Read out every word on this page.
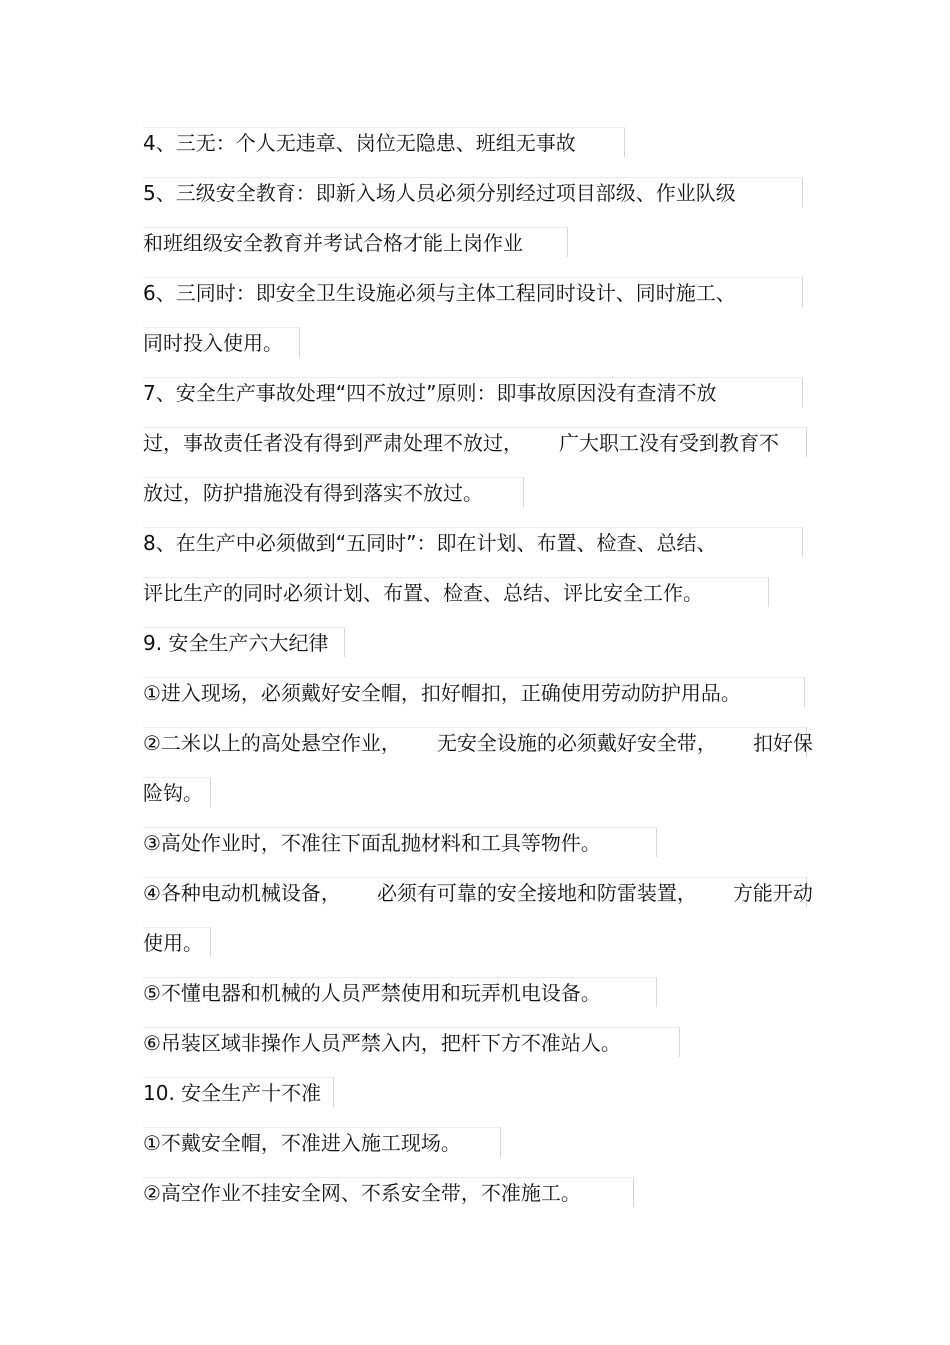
4、三无：个人无违章、岗位无隐患、班组无事故
5、三级安全教育：即新入场人员必须分别经过项目部级、作业队级
和班组级安全教育并考试合格才能上岗作业
6、三同时：即安全卫生设施必须与主体工程同时设计、同时施工、
同时投入使用。
7、安全生产事故处理“四不放过”原则：即事故原因没有查清不放
过，事故责任者没有得到严肃处理不放过， 广大职工没有受到教育不
放过，防护措施没有得到落实不放过。
8、在生产中必须做到“五同时”：即在计划、布置、检查、总结、
评比生产的同时必须计划、布置、检查、总结、评比安全工作。
9. 安全生产六大纪律
①进入现场，必须戴好安全帽，扣好帽扣，正确使用劳动防护用品。
②二米以上的高处悬空作业， 无安全设施的必须戴好安全带， 扣好保
险钩。
③高处作业时，不准往下面乱抛材料和工具等物件。
④各种电动机械设备， 必须有可靠的安全接地和防雷装置， 方能开动
使用。
⑤不懂电器和机械的人员严禁使用和玩弄机电设备。
⑥吊装区域非操作人员严禁入内，把杆下方不准站人。
10. 安全生产十不准
①不戴安全帽，不准进入施工现场。
②高空作业不挂安全网、不系安全带，不准施工。
